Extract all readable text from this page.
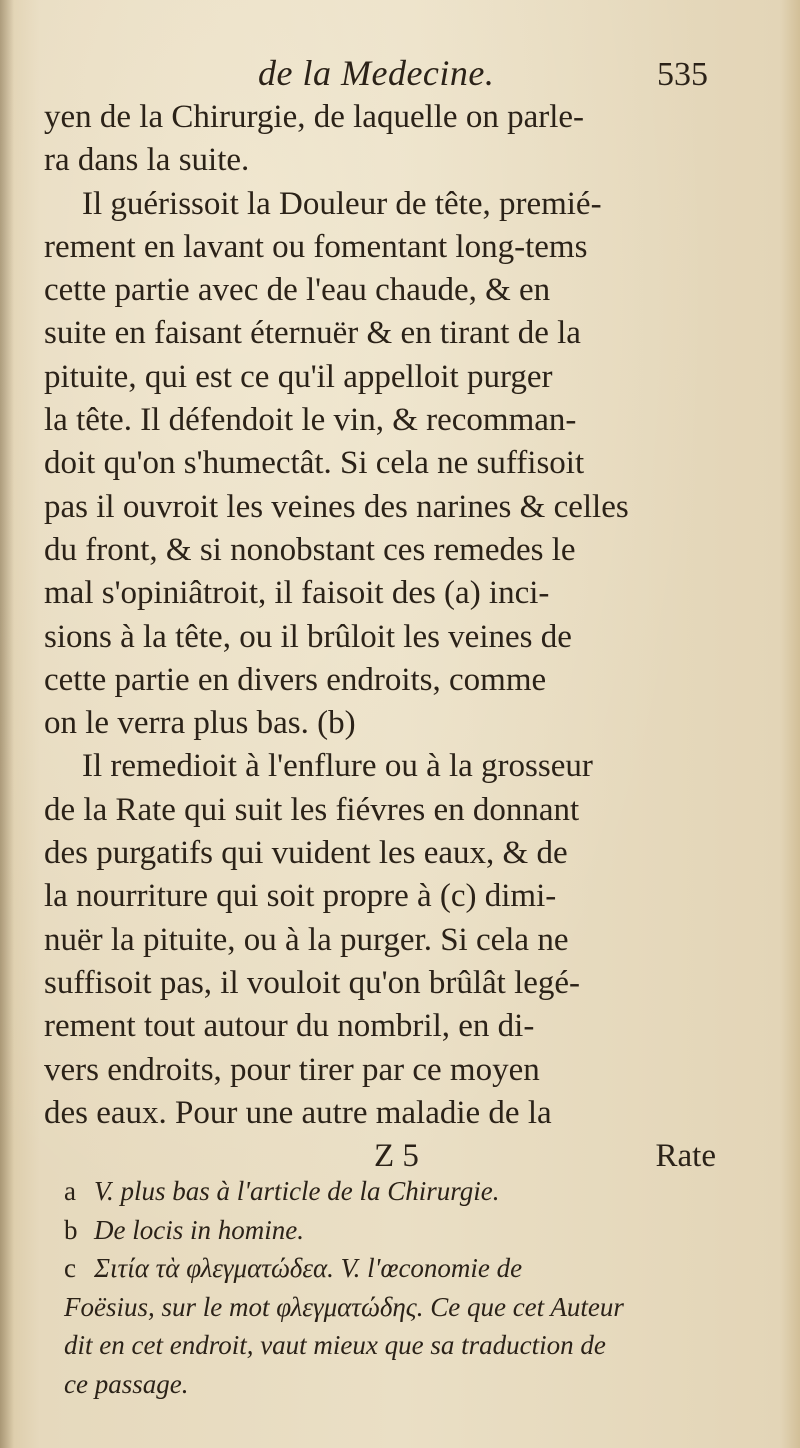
de la Medecine.	535
yen de la Chirurgie, de laquelle on parle-
ra dans la suite.
Il guérissoit la Douleur de tête, premié-
rement en lavant ou fomentant long-tems
cette partie avec de l'eau chaude, & en
suite en faisant éternuër & en tirant de la
pituite, qui est ce qu'il appelloit purger
la tête. Il défendoit le vin, & recomman-
doit qu'on s'humectât. Si cela ne suffisoit
pas il ouvroit les veines des narines & celles
du front, & si nonobstant ces remedes le
mal s'opiniâtroit, il faisoit des (a) inci-
sions à la tête, ou il brûloit les veines de
cette partie en divers endroits, comme
on le verra plus bas. (b)
Il remedioit à l'enflure ou à la grosseur
de la Rate qui suit les fiévres en donnant
des purgatifs qui vuident les eaux, & de
la nourriture qui soit propre à (c) dimi-
nuër la pituite, ou à la purger. Si cela ne
suffisoit pas, il vouloit qu'on brûlât legé-
rement tout autour du nombril, en di-
vers endroits, pour tirer par ce moyen
des eaux. Pour une autre maladie de la
Z 5	Rate
a V. plus bas à l'article de la Chirurgie.
b De locis in homine.
c Σιτία τὰ φλεγματώδεα. V. l'œconomie de
Foësius, sur le mot φλεγματώδης. Ce que cet Auteur
dit en cet endroit, vaut mieux que sa traduction de
ce passage.
